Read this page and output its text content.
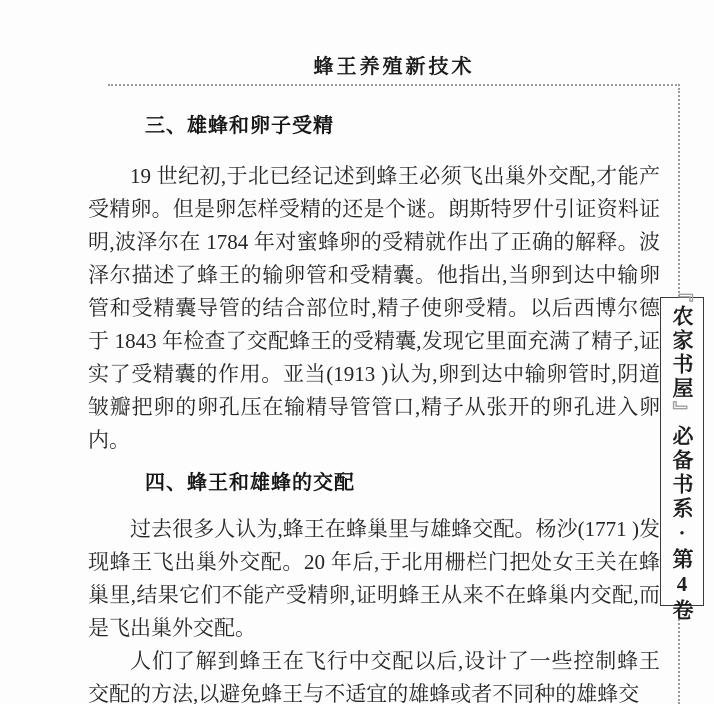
蜂王养殖新技术
『农家书屋』必备书系·第4卷
三、雄蜂和卵子受精

19 世纪初,于北已经记述到蜂王必须飞出巢外交配,才能产受精卵。但是卵怎样受精的还是个谜。朗斯特罗什引证资料证明,波泽尔在 1784 年对蜜蜂卵的受精就作出了正确的解释。波泽尔描述了蜂王的输卵管和受精囊。他指出,当卵到达中输卵管和受精囊导管的结合部位时,精子使卵受精。以后西博尔德于 1843 年检查了交配蜂王的受精囊,发现它里面充满了精子,证实了受精囊的作用。亚当(1913 )认为,卵到达中输卵管时,阴道皱瓣把卵的卵孔压在输精导管管口,精子从张开的卵孔进入卵内。

四、蜂王和雄蜂的交配

过去很多人认为,蜂王在蜂巢里与雄蜂交配。杨沙(1771 )发现蜂王飞出巢外交配。20 年后,于北用栅栏门把处女王关在蜂巢里,结果它们不能产受精卵,证明蜂王从来不在蜂巢内交配,而是飞出巢外交配。

人们了解到蜂王在飞行中交配以后,设计了一些控制蜂王交配的方法,以避免蜂王与不适宜的雄蜂或者不同种的雄蜂交
